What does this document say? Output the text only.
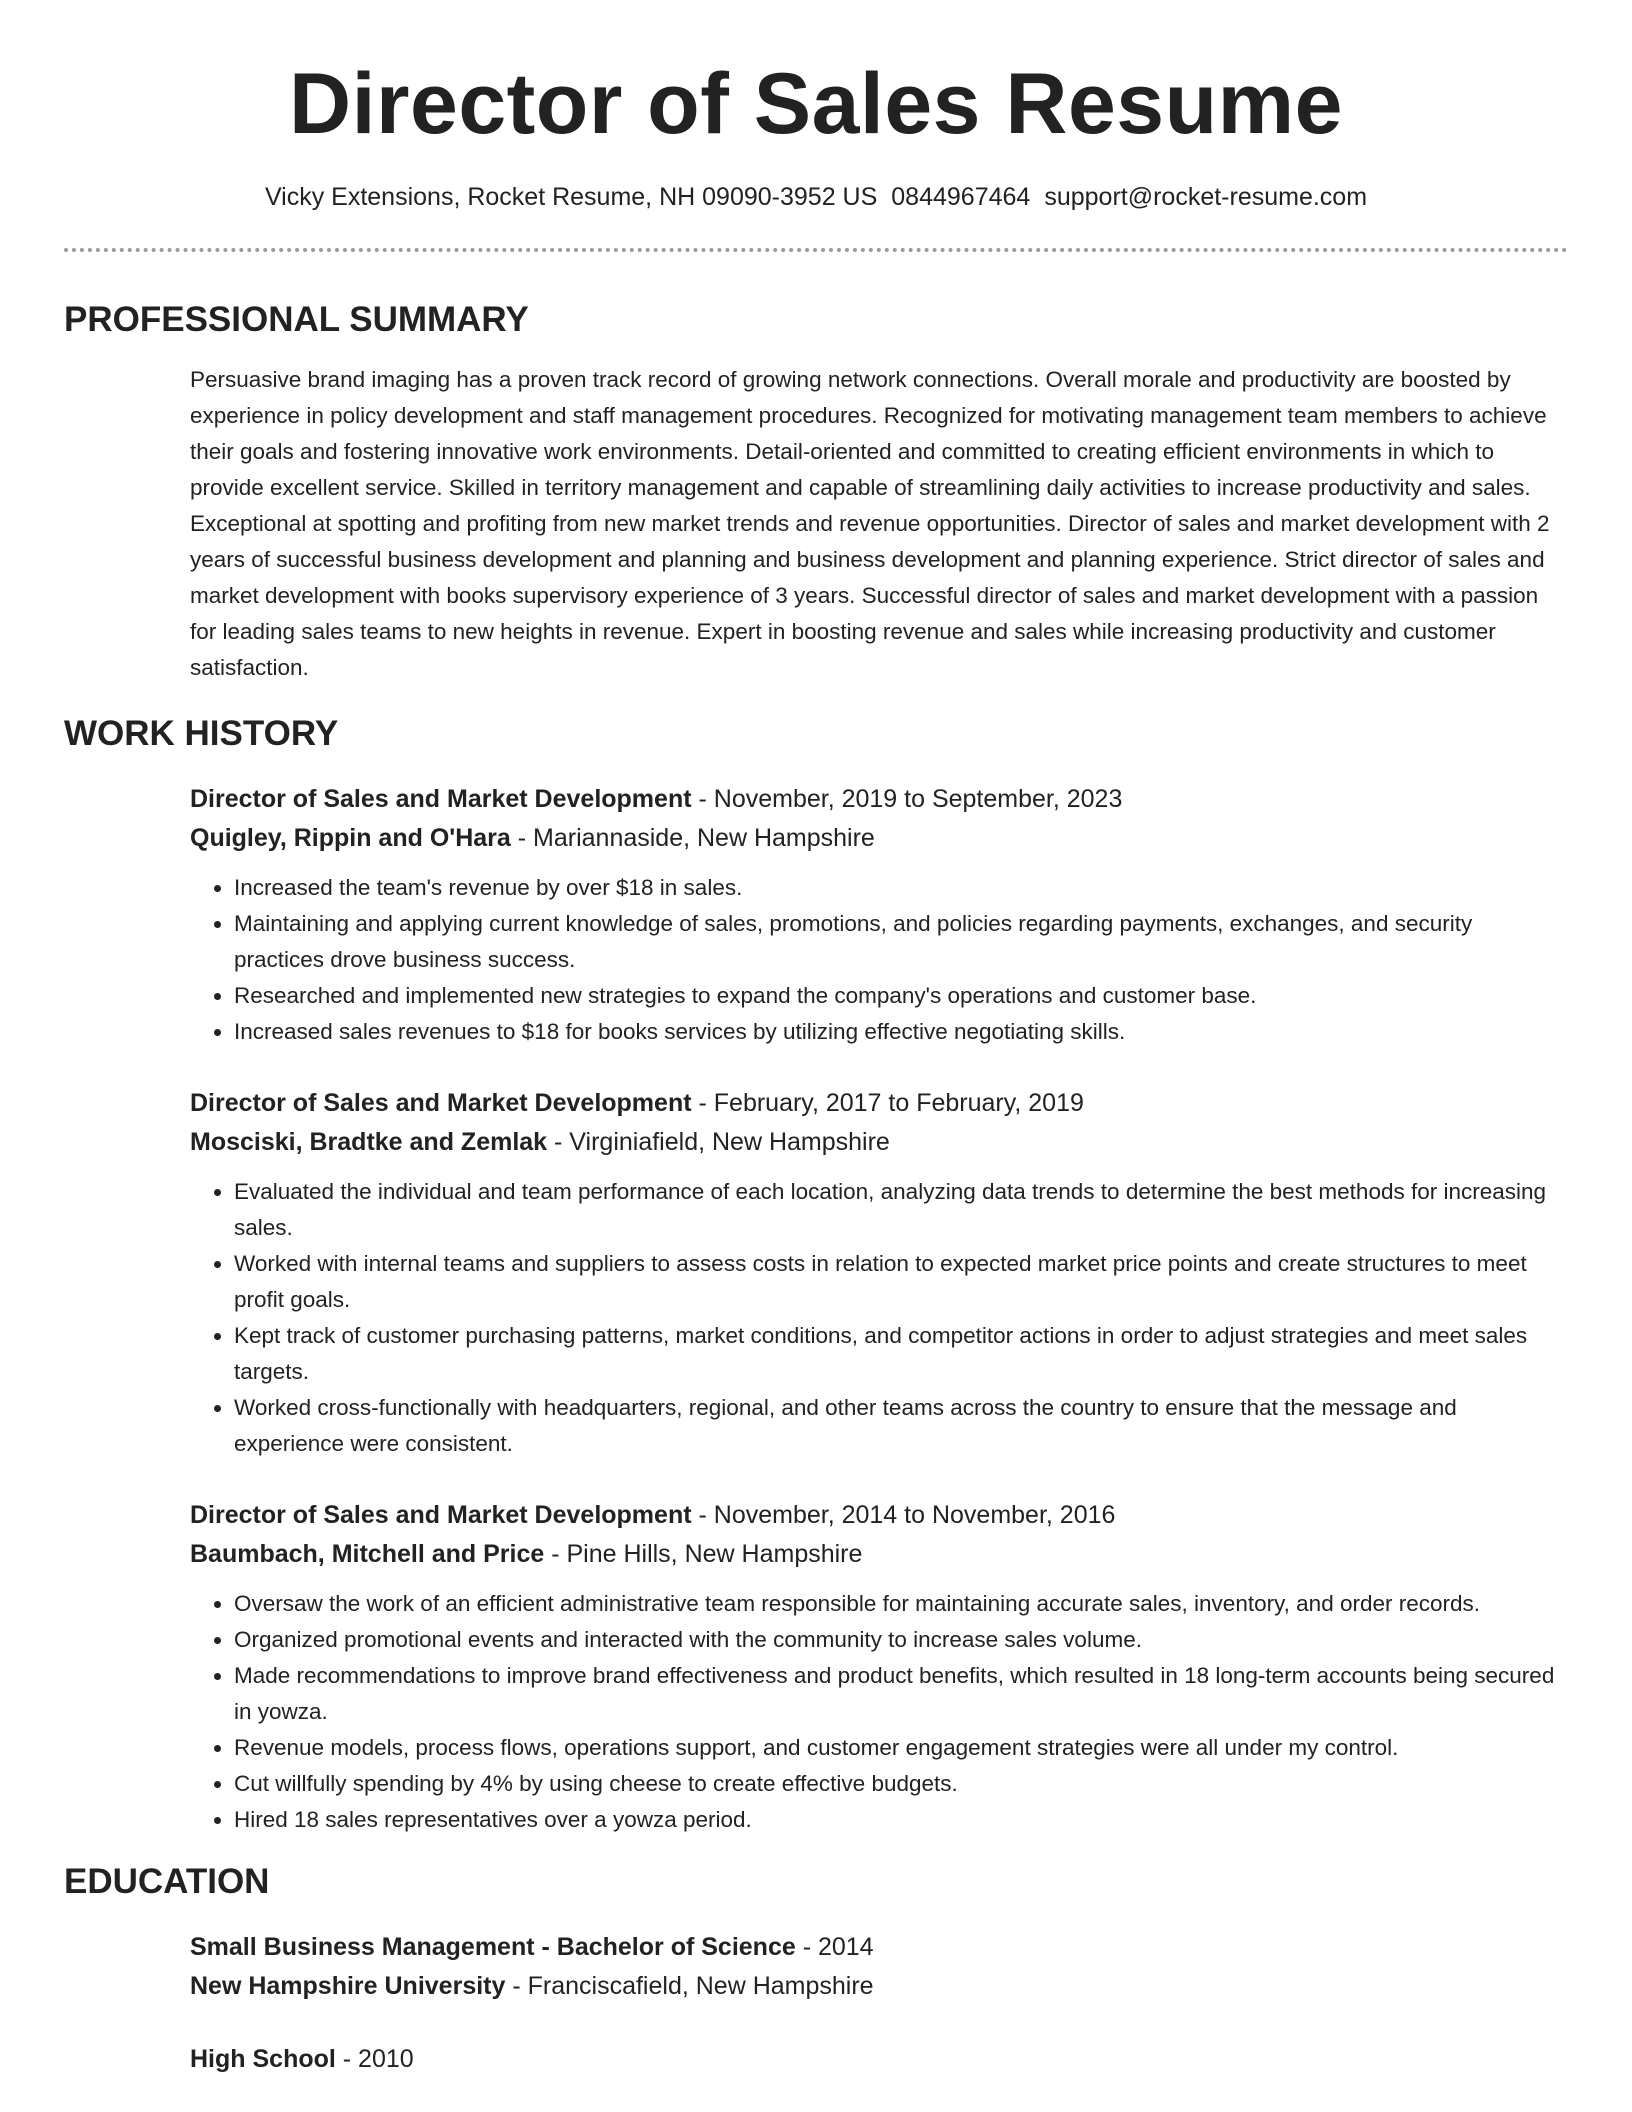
Director of Sales Resume
Vicky Extensions, Rocket Resume, NH 09090-3952 US 0844967464 support@rocket-resume.com
PROFESSIONAL SUMMARY
Persuasive brand imaging has a proven track record of growing network connections. Overall morale and productivity are boosted by experience in policy development and staff management procedures. Recognized for motivating management team members to achieve their goals and fostering innovative work environments. Detail-oriented and committed to creating efficient environments in which to provide excellent service. Skilled in territory management and capable of streamlining daily activities to increase productivity and sales. Exceptional at spotting and profiting from new market trends and revenue opportunities. Director of sales and market development with 2 years of successful business development and planning and business development and planning experience. Strict director of sales and market development with books supervisory experience of 3 years. Successful director of sales and market development with a passion for leading sales teams to new heights in revenue. Expert in boosting revenue and sales while increasing productivity and customer satisfaction.
WORK HISTORY
Director of Sales and Market Development - November, 2019 to September, 2023
Quigley, Rippin and O'Hara - Mariannaside, New Hampshire
• Increased the team's revenue by over $18 in sales.
• Maintaining and applying current knowledge of sales, promotions, and policies regarding payments, exchanges, and security practices drove business success.
• Researched and implemented new strategies to expand the company's operations and customer base.
• Increased sales revenues to $18 for books services by utilizing effective negotiating skills.
Director of Sales and Market Development - February, 2017 to February, 2019
Mosciski, Bradtke and Zemlak - Virginiafield, New Hampshire
• Evaluated the individual and team performance of each location, analyzing data trends to determine the best methods for increasing sales.
• Worked with internal teams and suppliers to assess costs in relation to expected market price points and create structures to meet profit goals.
• Kept track of customer purchasing patterns, market conditions, and competitor actions in order to adjust strategies and meet sales targets.
• Worked cross-functionally with headquarters, regional, and other teams across the country to ensure that the message and experience were consistent.
Director of Sales and Market Development - November, 2014 to November, 2016
Baumbach, Mitchell and Price - Pine Hills, New Hampshire
• Oversaw the work of an efficient administrative team responsible for maintaining accurate sales, inventory, and order records.
• Organized promotional events and interacted with the community to increase sales volume.
• Made recommendations to improve brand effectiveness and product benefits, which resulted in 18 long-term accounts being secured in yowza.
• Revenue models, process flows, operations support, and customer engagement strategies were all under my control.
• Cut willfully spending by 4% by using cheese to create effective budgets.
• Hired 18 sales representatives over a yowza period.
EDUCATION
Small Business Management - Bachelor of Science - 2014
New Hampshire University - Franciscafield, New Hampshire
High School - 2010
